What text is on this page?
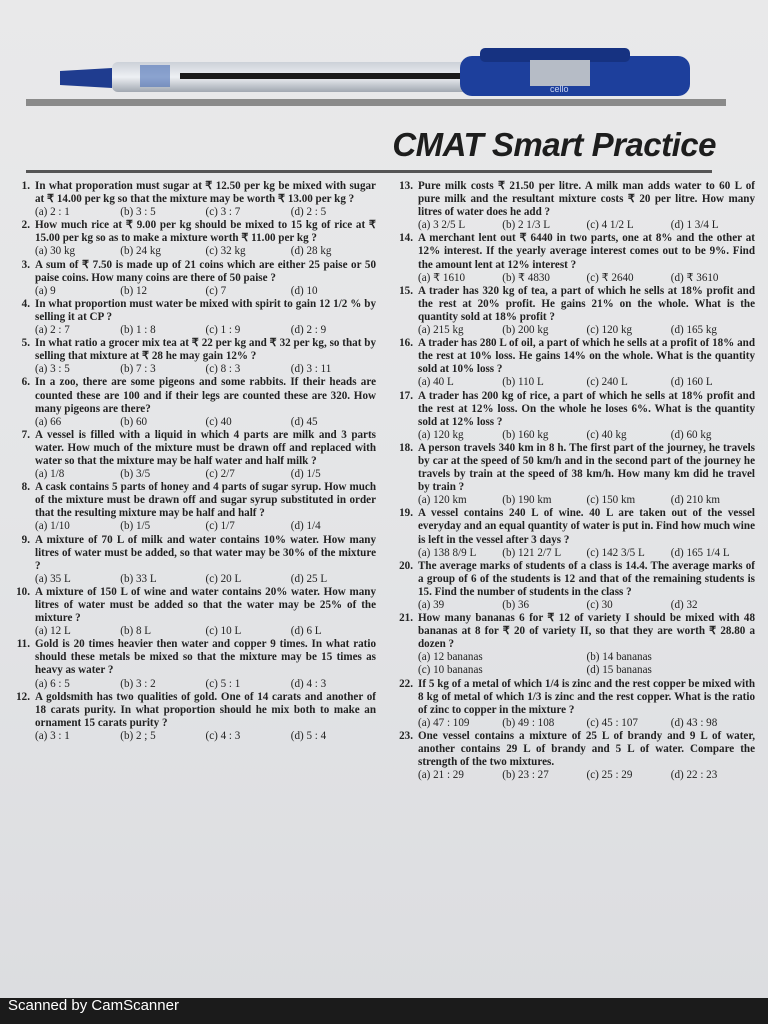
cello
CMAT Smart Practice
1. In what proporation must sugar at ₹ 12.50 per kg be mixed with sugar at ₹ 14.00 per kg so that the mixture may be worth ₹ 13.00 per kg ?
(a) 2 : 1	(b) 3 : 5	(c) 3 : 7	(d) 2 : 5
2. How much rice at ₹ 9.00 per kg should be mixed to 15 kg of rice at ₹ 15.00 per kg so as to make a mixture worth ₹ 11.00 per kg ?
(a) 30 kg	(b) 24 kg	(c) 32 kg	(d) 28 kg
3. A sum of ₹ 7.50 is made up of 21 coins which are either 25 paise or 50 paise coins. How many coins are there of 50 paise ?
(a) 9	(b) 12	(c) 7	(d) 10
4. In what proportion must water be mixed with spirit to gain 12 1/2 % by selling it at CP ?
(a) 2 : 7	(b) 1 : 8	(c) 1 : 9	(d) 2 : 9
5. In what ratio a grocer mix tea at ₹ 22 per kg and ₹ 32 per kg, so that by selling that mixture at ₹ 28 he may gain 12% ?
(a) 3 : 5	(b) 7 : 3	(c) 8 : 3	(d) 3 : 11
6. In a zoo, there are some pigeons and some rabbits. If their heads are counted these are 100 and if their legs are counted these are 320. How many pigeons are there?
(a) 66	(b) 60	(c) 40	(d) 45
7. A vessel is filled with a liquid in which 4 parts are milk and 3 parts water. How much of the mixture must be drawn off and replaced with water so that the mixture may be half water and half milk ?
(a) 1/8	(b) 3/5	(c) 2/7	(d) 1/5
8. A cask contains 5 parts of honey and 4 parts of sugar syrup. How much of the mixture must be drawn off and sugar syrup substituted in order that the resulting mixture may be half and half ?
(a) 1/10	(b) 1/5	(c) 1/7	(d) 1/4
9. A mixture of 70 L of milk and water contains 10% water. How many litres of water must be added, so that water may be 30% of the mixture ?
(a) 35 L	(b) 33 L	(c) 20 L	(d) 25 L
10. A mixture of 150 L of wine and water contains 20% water. How many litres of water must be added so that the water may be 25% of the mixture ?
(a) 12 L	(b) 8 L	(c) 10 L	(d) 6 L
11. Gold is 20 times heavier then water and copper 9 times. In what ratio should these metals be mixed so that the mixture may be 15 times as heavy as water ?
(a) 6 : 5	(b) 3 : 2	(c) 5 : 1	(d) 4 : 3
12. A goldsmith has two qualities of gold. One of 14 carats and another of 18 carats purity. In what proportion should he mix both to make an ornament 15 carats purity ?
(a) 3 : 1	(b) 2 ; 5	(c) 4 : 3	(d) 5 : 4
13. Pure milk costs ₹ 21.50 per litre. A milk man adds water to 60 L of pure milk and the resultant mixture costs ₹ 20 per litre. How many litres of water does he add ?
(a) 3 2/5 L	(b) 2 1/3 L	(c) 4 1/2 L	(d) 1 3/4 L
14. A merchant lent out ₹ 6440 in two parts, one at 8% and the other at 12% interest. If the yearly average interest comes out to be 9%. Find the amount lent at 12% interest ?
(a) ₹ 1610	(b) ₹ 4830	(c) ₹ 2640	(d) ₹ 3610
15. A trader has 320 kg of tea, a part of which he sells at 18% profit and the rest at 20% profit. He gains 21% on the whole. What is the quantity sold at 18% profit ?
(a) 215 kg	(b) 200 kg	(c) 120 kg	(d) 165 kg
16. A trader has 280 L of oil, a part of which he sells at a profit of 18% and the rest at 10% loss. He gains 14% on the whole. What is the quantity sold at 10% loss ?
(a) 40 L	(b) 110 L	(c) 240 L	(d) 160 L
17. A trader has 200 kg of rice, a part of which he sells at 18% profit and the rest at 12% loss. On the whole he loses 6%. What is the quantity sold at 12% loss ?
(a) 120 kg	(b) 160 kg	(c) 40 kg	(d) 60 kg
18. A person travels 340 km in 8 h. The first part of the journey, he travels by car at the speed of 50 km/h and in the second part of the journey he travels by train at the speed of 38 km/h. How many km did he travel by train ?
(a) 120 km	(b) 190 km	(c) 150 km	(d) 210 km
19. A vessel contains 240 L of wine. 40 L are taken out of the vessel everyday and an equal quantity of water is put in. Find how much wine is left in the vessel after 3 days ?
(a) 138 8/9 L	(b) 121 2/7 L	(c) 142 3/5 L	(d) 165 1/4 L
20. The average marks of students of a class is 14.4. The average marks of a group of 6 of the students is 12 and that of the remaining students is 15. Find the number of students in the class ?
(a) 39	(b) 36	(c) 30	(d) 32
21. How many bananas 6 for ₹ 12 of variety I should be mixed with 48 bananas at 8 for ₹ 20 of variety II, so that they are worth ₹ 28.80 a dozen ?
(a) 12 bananas	(b) 14 bananas
(c) 10 bananas	(d) 15 bananas
22. If 5 kg of a metal of which 1/4 is zinc and the rest copper be mixed with 8 kg of metal of which 1/3 is zinc and the rest copper. What is the ratio of zinc to copper in the mixture ?
(a) 47 : 109	(b) 49 : 108	(c) 45 : 107	(d) 43 : 98
23. One vessel contains a mixture of 25 L of brandy and 9 L of water, another contains 29 L of brandy and 5 L of water. Compare the strength of the two mixtures.
(a) 21 : 29	(b) 23 : 27	(c) 25 : 29	(d) 22 : 23
Scanned by CamScanner
